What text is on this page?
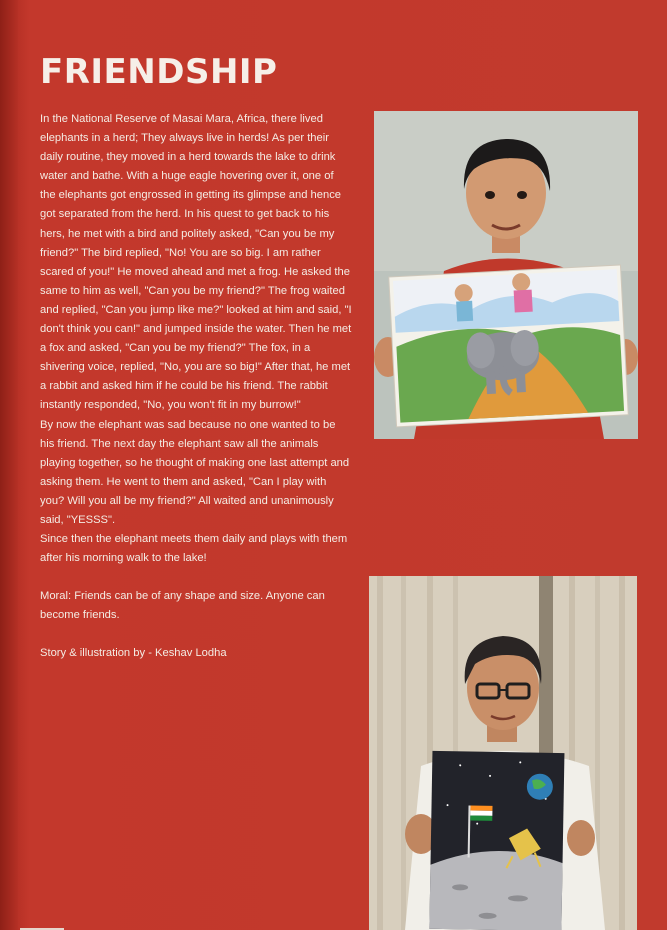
FRIENDSHIP

In the National Reserve of Masai Mara, Africa, there lived elephants in a herd; They always live in herds! As per their daily routine, they moved in a herd towards the lake to drink water and bathe. With a huge eagle hovering over it, one of the elephants got engrossed in getting its glimpse and hence got separated from the herd. In his quest to get back to his hers, he met with a bird and politely asked, "Can you be my friend?" The bird replied, "No! You are so big. I am rather scared of you!" He moved ahead and met a frog. He asked the same to him as well, "Can you be my friend?" The frog waited and replied, "Can you jump like me?" looked at him and said, "I don't think you can!" and jumped inside the water. Then he met a fox and asked, "Can you be my friend?" The fox, in a shivering voice, replied, "No, you are so big!" After that, he met a rabbit and asked him if he could be his friend. The rabbit instantly responded, "No, you won't fit in my burrow!"

By now the elephant was sad because no one wanted to be his friend. The next day the elephant saw all the animals playing together, so he thought of making one last attempt and asking them. He went to them and asked, "Can I play with you? Will you all be my friend?" All waited and unanimously said, "YESSS".

Since then the elephant meets them daily and plays with them after his morning walk to the lake!

Moral: Friends can be of any shape and size. Anyone can become friends.

Story & illustration by - Keshav Lodha
